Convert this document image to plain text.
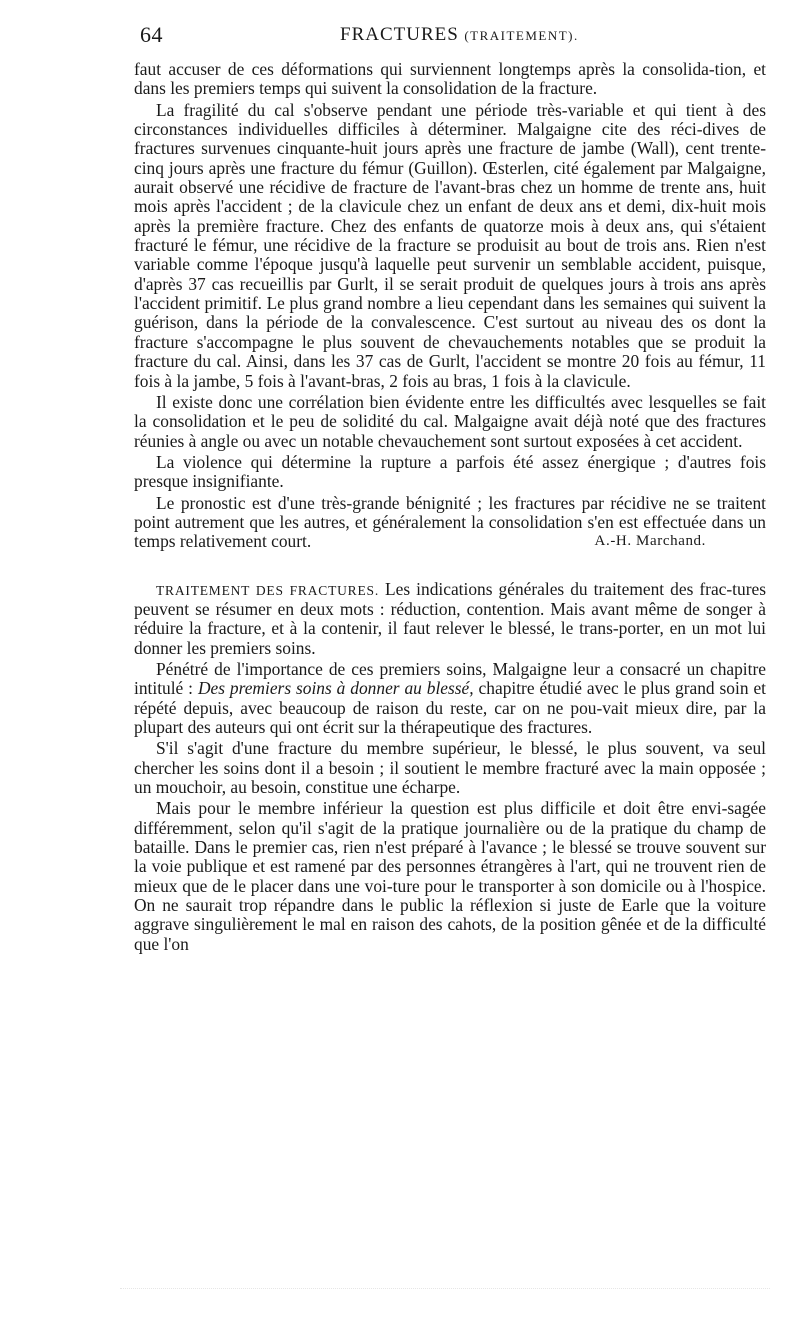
64	FRACTURES (TRAITEMENT).

faut accuser de ces déformations qui surviennent longtemps après la consolida-tion, et dans les premiers temps qui suivent la consolidation de la fracture.

La fragilité du cal s'observe pendant une période très-variable et qui tient à des circonstances individuelles difficiles à déterminer. Malgaigne cite des réci-dives de fractures survenues cinquante-huit jours après une fracture de jambe (Wall), cent trente-cinq jours après une fracture du fémur (Guillon). Œsterlen, cité également par Malgaigne, aurait observé une récidive de fracture de l'avant-bras chez un homme de trente ans, huit mois après l'accident ; de la clavicule chez un enfant de deux ans et demi, dix-huit mois après la première fracture. Chez des enfants de quatorze mois à deux ans, qui s'étaient fracturé le fémur, une récidive de la fracture se produisit au bout de trois ans. Rien n'est variable comme l'époque jusqu'à laquelle peut survenir un semblable accident, puisque, d'après 37 cas recueillis par Gurlt, il se serait produit de quelques jours à trois ans après l'accident primitif. Le plus grand nombre a lieu cependant dans les semaines qui suivent la guérison, dans la période de la convalescence. C'est surtout au niveau des os dont la fracture s'accompagne le plus souvent de chevauchements notables que se produit la fracture du cal. Ainsi, dans les 37 cas de Gurlt, l'accident se montre 20 fois au fémur, 11 fois à la jambe, 5 fois à l'avant-bras, 2 fois au bras, 1 fois à la clavicule.

Il existe donc une corrélation bien évidente entre les difficultés avec lesquelles se fait la consolidation et le peu de solidité du cal. Malgaigne avait déjà noté que des fractures réunies à angle ou avec un notable chevauchement sont surtout exposées à cet accident.

La violence qui détermine la rupture a parfois été assez énergique ; d'autres fois presque insignifiante.

Le pronostic est d'une très-grande bénignité ; les fractures par récidive ne se traitent point autrement que les autres, et généralement la consolidation s'en est effectuée dans un temps relativement court.	A.-H. Marchand.

TRAITEMENT DES FRACTURES. Les indications générales du traitement des frac-tures peuvent se résumer en deux mots : réduction, contention. Mais avant même de songer à réduire la fracture, et à la contenir, il faut relever le blessé, le trans-porter, en un mot lui donner les premiers soins.

Pénétré de l'importance de ces premiers soins, Malgaigne leur a consacré un chapitre intitulé : Des premiers soins à donner au blessé, chapitre étudié avec le plus grand soin et répété depuis, avec beaucoup de raison du reste, car on ne pou-vait mieux dire, par la plupart des auteurs qui ont écrit sur la thérapeutique des fractures.

S'il s'agit d'une fracture du membre supérieur, le blessé, le plus souvent, va seul chercher les soins dont il a besoin ; il soutient le membre fracturé avec la main opposée ; un mouchoir, au besoin, constitue une écharpe.

Mais pour le membre inférieur la question est plus difficile et doit être envi-sagée différemment, selon qu'il s'agit de la pratique journalière ou de la pratique du champ de bataille. Dans le premier cas, rien n'est préparé à l'avance ; le blessé se trouve souvent sur la voie publique et est ramené par des personnes étrangères à l'art, qui ne trouvent rien de mieux que de le placer dans une voi-ture pour le transporter à son domicile ou à l'hospice. On ne saurait trop répandre dans le public la réflexion si juste de Earle que la voiture aggrave singulièrement le mal en raison des cahots, de la position gênée et de la difficulté que l'on
